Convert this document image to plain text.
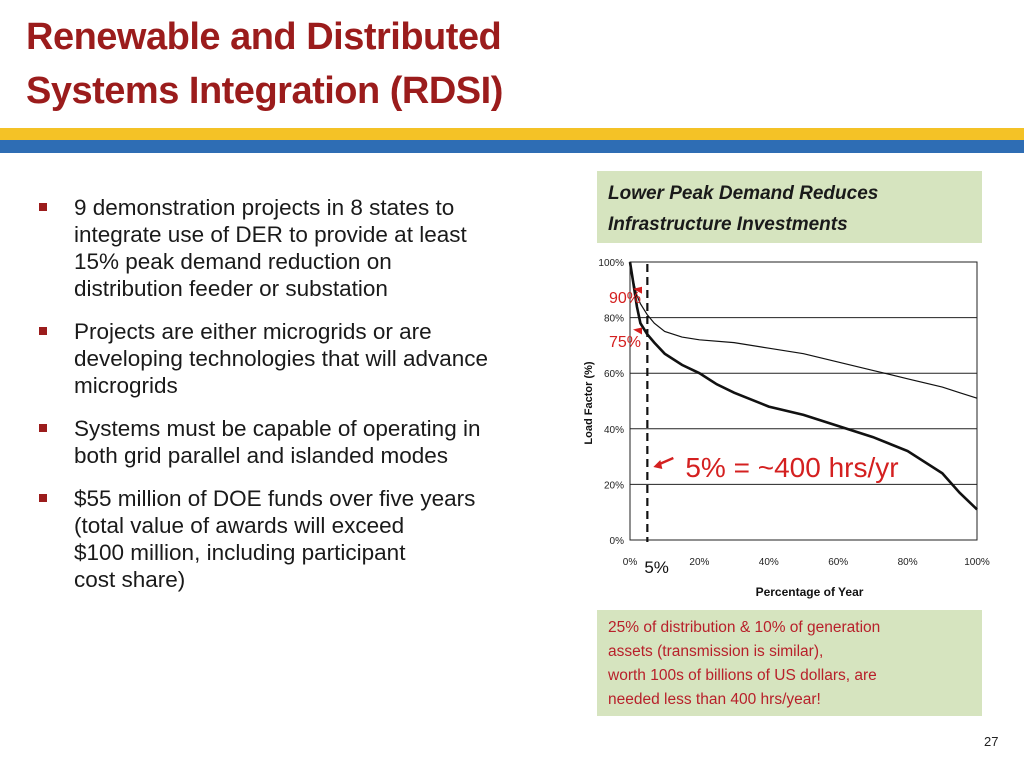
Renewable and Distributed
Systems Integration (RDSI)
9 demonstration projects in 8 states to
integrate use of DER to provide at least
15% peak demand reduction on
distribution feeder or substation
Projects are either microgrids or are
developing technologies that will advance
microgrids
Systems must be capable of operating in
both grid parallel and islanded modes
$55 million of DOE funds over five years
(total value of awards will exceed
$100 million, including participant
cost share)
Lower Peak Demand Reduces
Infrastructure Investments
0%
20%
40%
60%
80%
100%
0%	20%	40%	60%	80%	100%
Load Factor (%)
Percentage of Year
90%
75%
5% = ~400 hrs/yr
5%
25% of distribution & 10% of generation
assets (transmission is similar),
worth 100s of billions of US dollars, are
needed less than 400 hrs/year!
27
